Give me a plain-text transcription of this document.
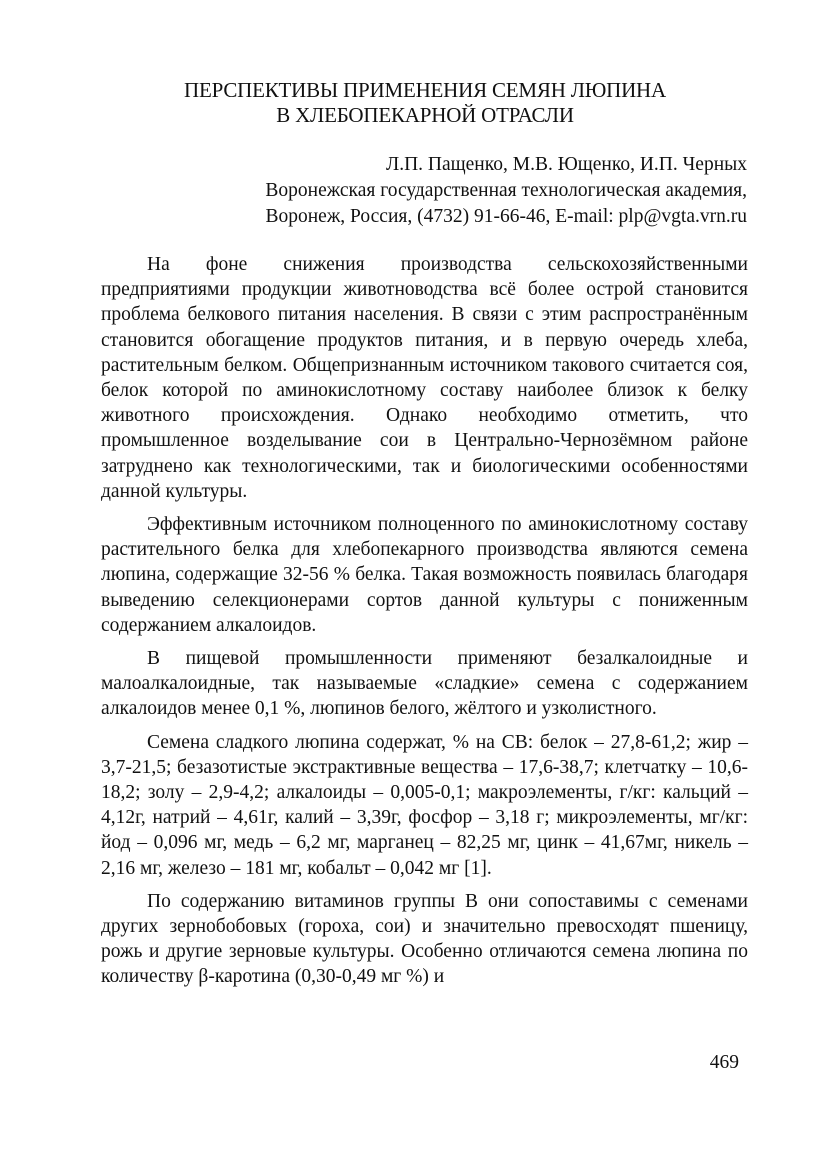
ПЕРСПЕКТИВЫ ПРИМЕНЕНИЯ СЕМЯН ЛЮПИНА
В ХЛЕБОПЕКАРНОЙ ОТРАСЛИ
Л.П. Пащенко, М.В. Ющенко, И.П. Черных
Воронежская государственная технологическая академия,
Воронеж, Россия, (4732) 91-66-46, E-mail: plp@vgta.vrn.ru

На фоне снижения производства сельскохозяйственными предприятиями продукции животноводства всё более острой становится проблема белкового питания населения. В связи с этим распространённым становится обогащение продуктов питания, и в первую очередь хлеба, растительным белком. Общепризнанным источником такового считается соя, белок которой по аминокислотному составу наиболее близок к белку животного происхождения. Однако необходимо отметить, что промышленное возделывание сои в Центрально-Чернозёмном районе затруднено как технологическими, так и биологическими особенностями данной культуры.

Эффективным источником полноценного по аминокислотному составу растительного белка для хлебопекарного производства являются семена люпина, содержащие 32-56 % белка. Такая возможность появилась благодаря выведению селекционерами сортов данной культуры с пониженным содержанием алкалоидов.

В пищевой промышленности применяют безалкалоидные и малоалкалоидные, так называемые «сладкие» семена с содержанием алкалоидов менее 0,1 %, люпинов белого, жёлтого и узколистного.

Семена сладкого люпина содержат, % на СВ: белок – 27,8-61,2; жир – 3,7-21,5; безазотистые экстрактивные вещества – 17,6-38,7; клетчатку – 10,6-18,2; золу – 2,9-4,2; алкалоиды – 0,005-0,1; макроэлементы, г/кг: кальций – 4,12г, натрий – 4,61г, калий – 3,39г, фосфор – 3,18 г; микроэлементы, мг/кг: йод – 0,096 мг, медь – 6,2 мг, марганец – 82,25 мг, цинк – 41,67мг, никель – 2,16 мг, железо – 181 мг, кобальт – 0,042 мг [1].

По содержанию витаминов группы В они сопоставимы с семенами других зернобобовых (гороха, сои) и значительно превосходят пшеницу, рожь и другие зерновые культуры. Особенно отличаются семена люпина по количеству β-каротина (0,30-0,49 мг %) и

469
